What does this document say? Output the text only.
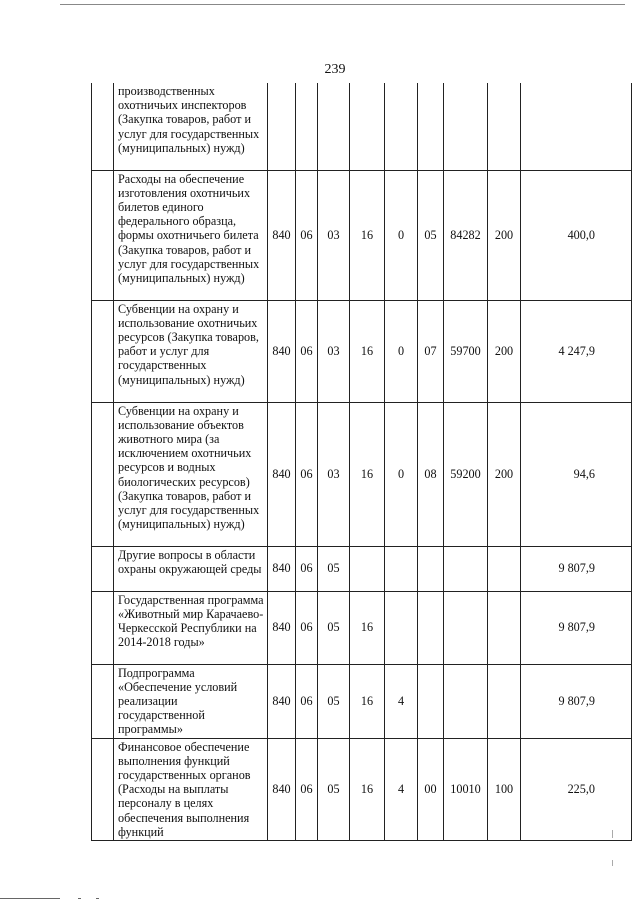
239
	производственных охотничьих инспекторов (Закупка товаров, работ и услуг для государственных (муниципальных) нужд)									
	Расходы на обеспечение изготовления охотничьих билетов единого федерального образца, формы охотничьего билета (Закупка товаров, работ и услуг для государственных (муниципальных) нужд)	840	06	03	16	0	05	84282	200	400,0
	Субвенции на охрану и использование охотничьих ресурсов (Закупка товаров, работ и услуг для государственных (муниципальных) нужд)	840	06	03	16	0	07	59700	200	4 247,9
	Субвенции на охрану и использование объектов животного мира (за исключением охотничьих ресурсов и водных биологических ресурсов) (Закупка товаров, работ и услуг для государственных (муниципальных) нужд)	840	06	03	16	0	08	59200	200	94,6
	Другие вопросы в области охраны окружающей среды	840	06	05						9 807,9
	Государственная программа «Животный мир Карачаево-Черкесской Республики на 2014-2018 годы»	840	06	05	16					9 807,9
	Подпрограмма «Обеспечение условий реализации государственной программы»	840	06	05	16	4				9 807,9
	Финансовое обеспечение выполнения функций государственных органов (Расходы на выплаты персоналу в целях обеспечения выполнения функций	840	06	05	16	4	00	10010	100	225,0
